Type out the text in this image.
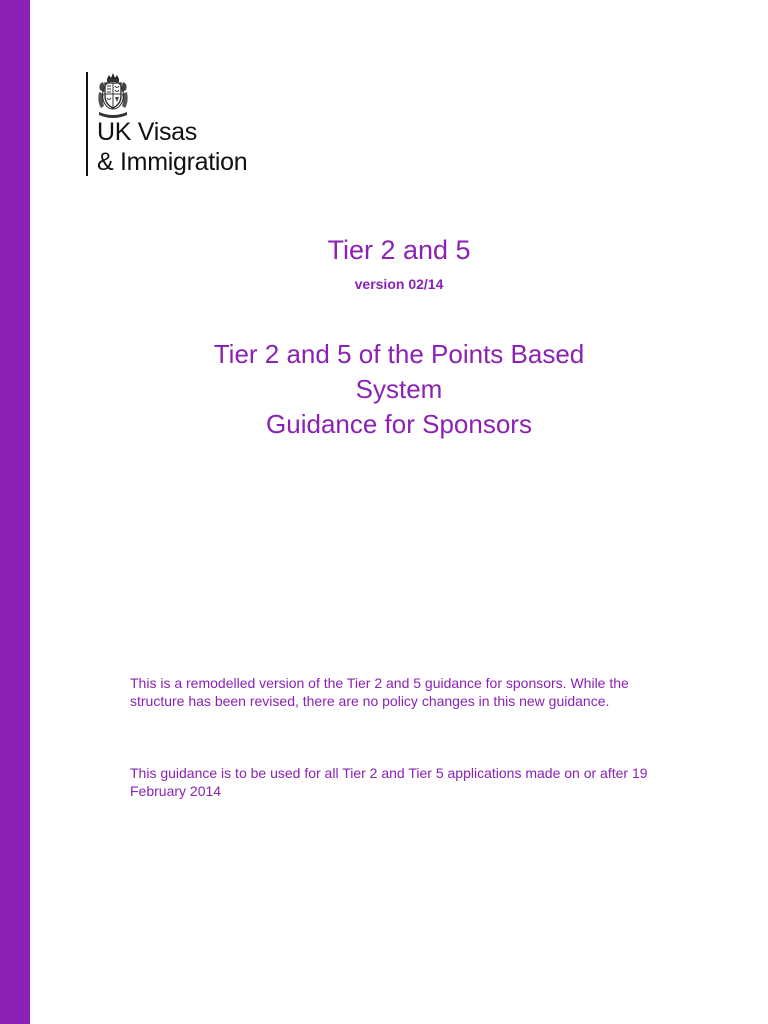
UK Visas
& Immigration
Tier 2 and 5
version 02/14
Tier 2 and 5 of the Points Based
System
Guidance for Sponsors

This is a remodelled version of the Tier 2 and 5 guidance for sponsors. While the structure has been revised, there are no policy changes in this new guidance.

This guidance is to be used for all Tier 2 and Tier 5 applications made on or after 19 February 2014
